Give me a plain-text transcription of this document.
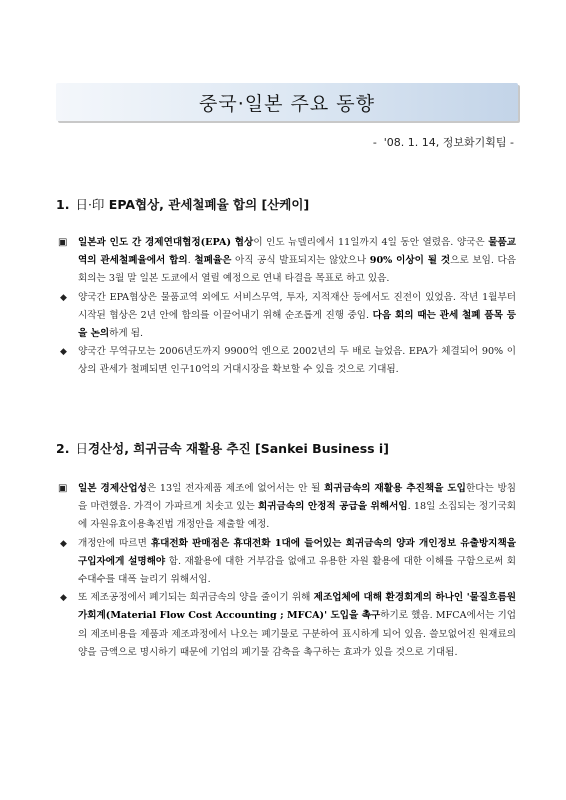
중국·일본 주요 동향
-  '08. 1. 14, 정보화기획팀 -
1. 日·印 EPA협상, 관세철폐율 합의 [산케이]

▣ 일본과 인도 간 경제연대협정(EPA) 협상이 인도 뉴델리에서 11일까지 4일 동안 열렸음. 양국은 물품교역의 관세철폐율에서 합의. 철폐율은 아직 공식 발표되지는 않았으나 90% 이상이 될 것으로 보임. 다음 회의는 3월 말 일본 도쿄에서 열릴 예정으로 연내 타결을 목표로 하고 있음.

◆ 양국간 EPA협상은 물품교역 외에도 서비스무역, 투자, 지적재산 등에서도 진전이 있었음. 작년 1월부터 시작된 협상은 2년 안에 합의를 이끌어내기 위해 순조롭게 진행 중임. 다음 회의 때는 관세 철폐 품목 등을 논의하게 됨.

◆ 양국간 무역규모는 2006년도까지 9900억 엔으로 2002년의 두 배로 늘었음. EPA가 체결되어 90% 이상의 관세가 철폐되면 인구10억의 거대시장을 확보할 수 있을 것으로 기대됨.

2. 日경산성, 희귀금속 재활용 추진 [Sankei Business i]

▣ 일본 경제산업성은 13일 전자제품 제조에 없어서는 안 될 희귀금속의 재활용 추진책을 도입한다는 방침을 마련했음. 가격이 가파르게 치솟고 있는 희귀금속의 안정적 공급을 위해서임. 18일 소집되는 정기국회에 자원유효이용촉진법 개정안을 제출할 예정.

◆ 개정안에 따르면 휴대전화 판매점은 휴대전화 1대에 들어있는 희귀금속의 양과 개인정보 유출방지책을 구입자에게 설명해야 함. 재활용에 대한 거부감을 없애고 유용한 자원 활용에 대한 이해를 구함으로써 회수대수를 대폭 늘리기 위해서임.

◆ 또 제조공정에서 폐기되는 희귀금속의 양을 줄이기 위해 제조업체에 대해 환경회계의 하나인 '물질흐름원가회계(Material Flow Cost Accounting ; MFCA)' 도입을 촉구하기로 했음. MFCA에서는 기업의 제조비용을 제품과 제조과정에서 나오는 폐기물로 구분하여 표시하게 되어 있음. 쓸모없어진 원재료의 양을 금액으로 명시하기 때문에 기업의 폐기물 감축을 촉구하는 효과가 있을 것으로 기대됨.
